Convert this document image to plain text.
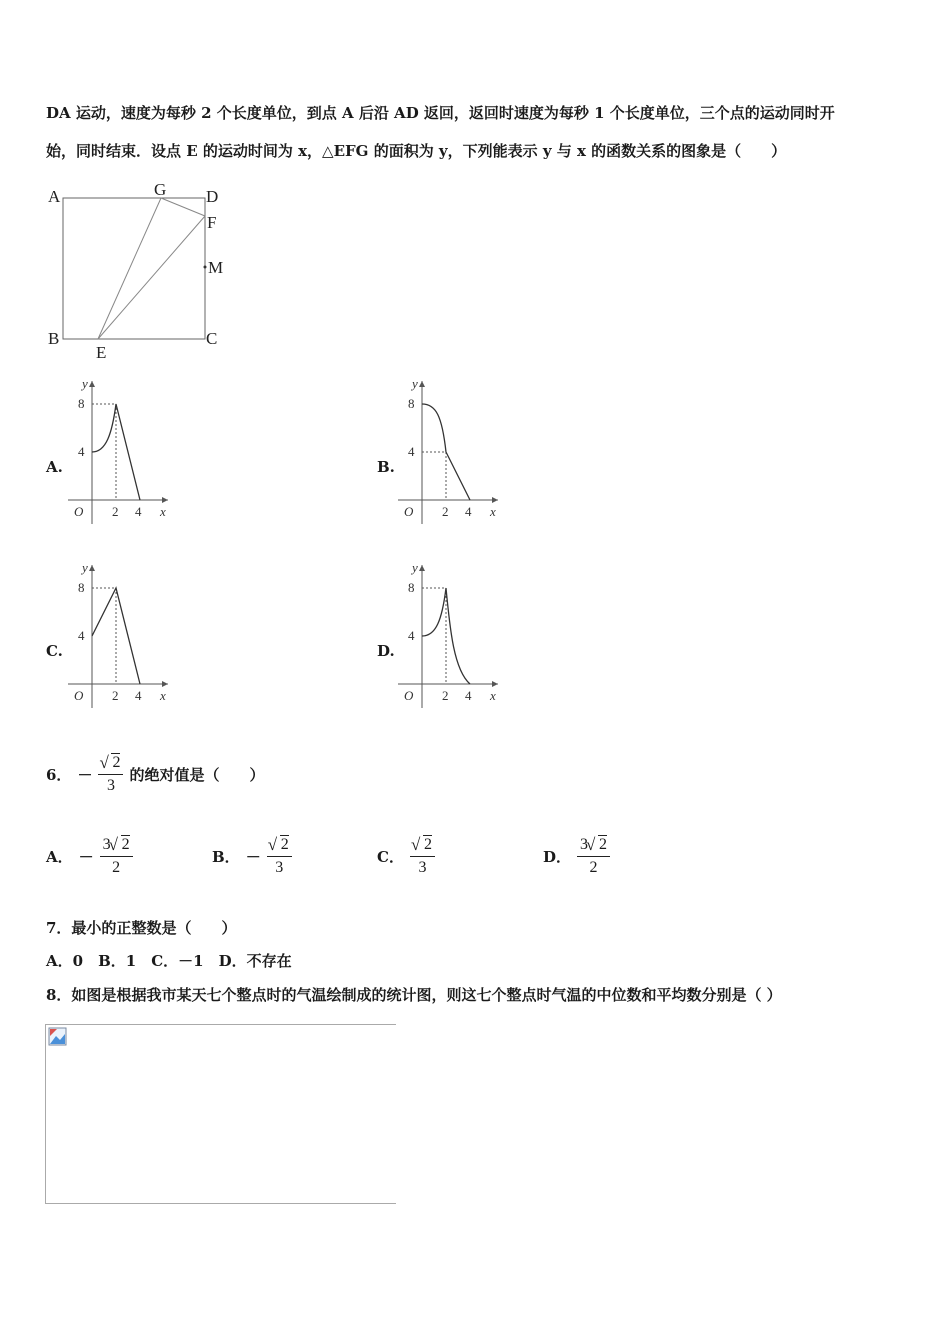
DA 运动，速度为每秒 2 个长度单位，到点 A 后沿 AD 返回，返回时速度为每秒 1 个长度单位，三个点的运动同时开
始，同时结束．设点 E 的运动时间为 x，△EFG 的面积为 y，下列能表示 y 与 x 的函数关系的图象是（　　）
A	G D
F
M
B	C
E
A.	B.
C.	D.
y
8
4
O 2 4 x
y
8
4
O 2 4 x
y
8
4
O 2 4 x
y
8
4
O 2 4 x
6． － √ $\frac{2}{3}$ 的绝对值是（　　）
A． － $\frac{3 √ 2}{2}$	B． － √ $\frac{2}{3}$	C． √ $\frac{2}{3}$	D． $\frac{3 √ 2}{2}$
7．最小的正整数是（　　）
A．0　B．1　C．－1　D．不存在
8．如图是根据我市某天七个整点时的气温绘制成的统计图，则这七个整点时气温的中位数和平均数分别是（ ）
